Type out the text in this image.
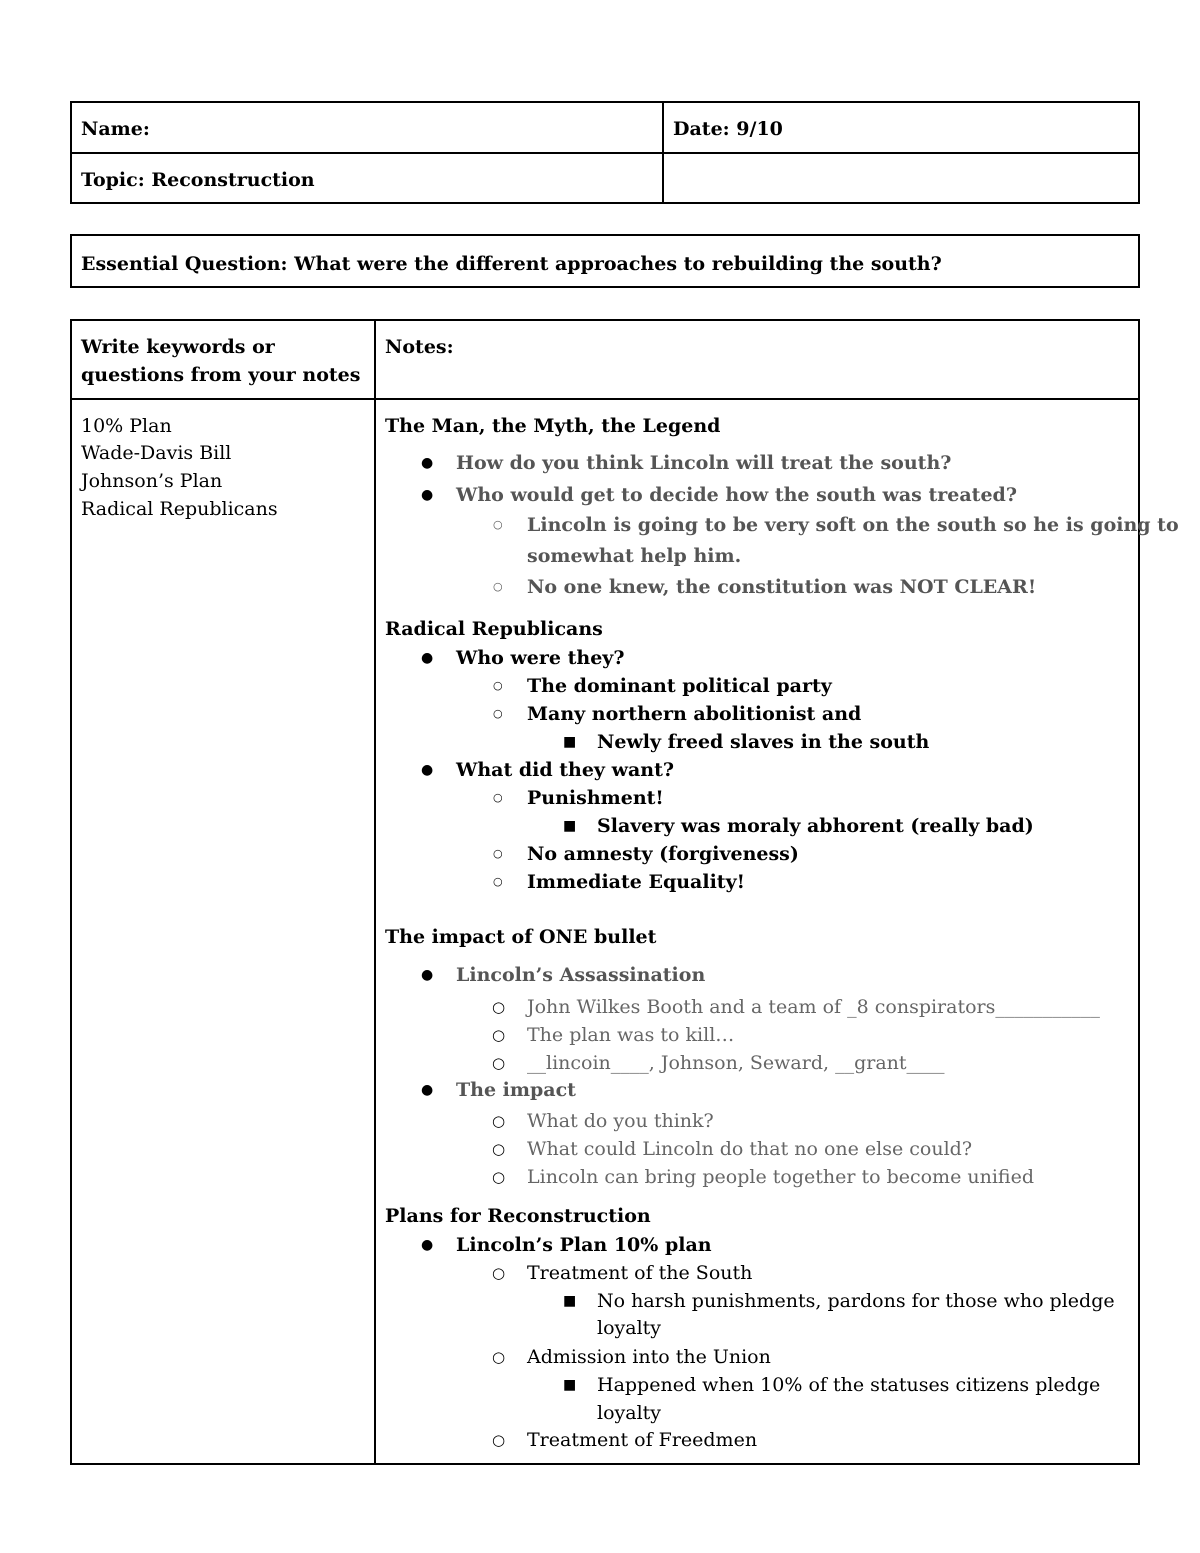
Name:	Date: 9/10
Topic: Reconstruction
Essential Question: What were the different approaches to rebuilding the south?
Write keywords or
questions from your notes
Notes:
10% Plan
Wade-Davis Bill
Johnson’s Plan
Radical Republicans
The Man, the Myth, the Legend
● How do you think Lincoln will treat the south?
● Who would get to decide how the south was treated?
○ Lincoln is going to be very soft on the south so he is going to
somewhat help him.
○ No one knew, the constitution was NOT CLEAR!
Radical Republicans
● Who were they?
○ The dominant political party
○ Many northern abolitionist and
■ Newly freed slaves in the south
● What did they want?
○ Punishment!
■ Slavery was moraly abhorent (really bad)
○ No amnesty (forgiveness)
○ Immediate Equality!
The impact of ONE bullet
● Lincoln’s Assassination
○ John Wilkes Booth and a team of _8 conspirators___________
○ The plan was to kill…
○ __lincoin____, Johnson, Seward, __grant____
● The impact
○ What do you think?
○ What could Lincoln do that no one else could?
○ Lincoln can bring people together to become unified
Plans for Reconstruction
● Lincoln’s Plan 10% plan
○ Treatment of the South
■ No harsh punishments, pardons for those who pledge
loyalty
○ Admission into the Union
■ Happened when 10% of the statuses citizens pledge
loyalty
○ Treatment of Freedmen
